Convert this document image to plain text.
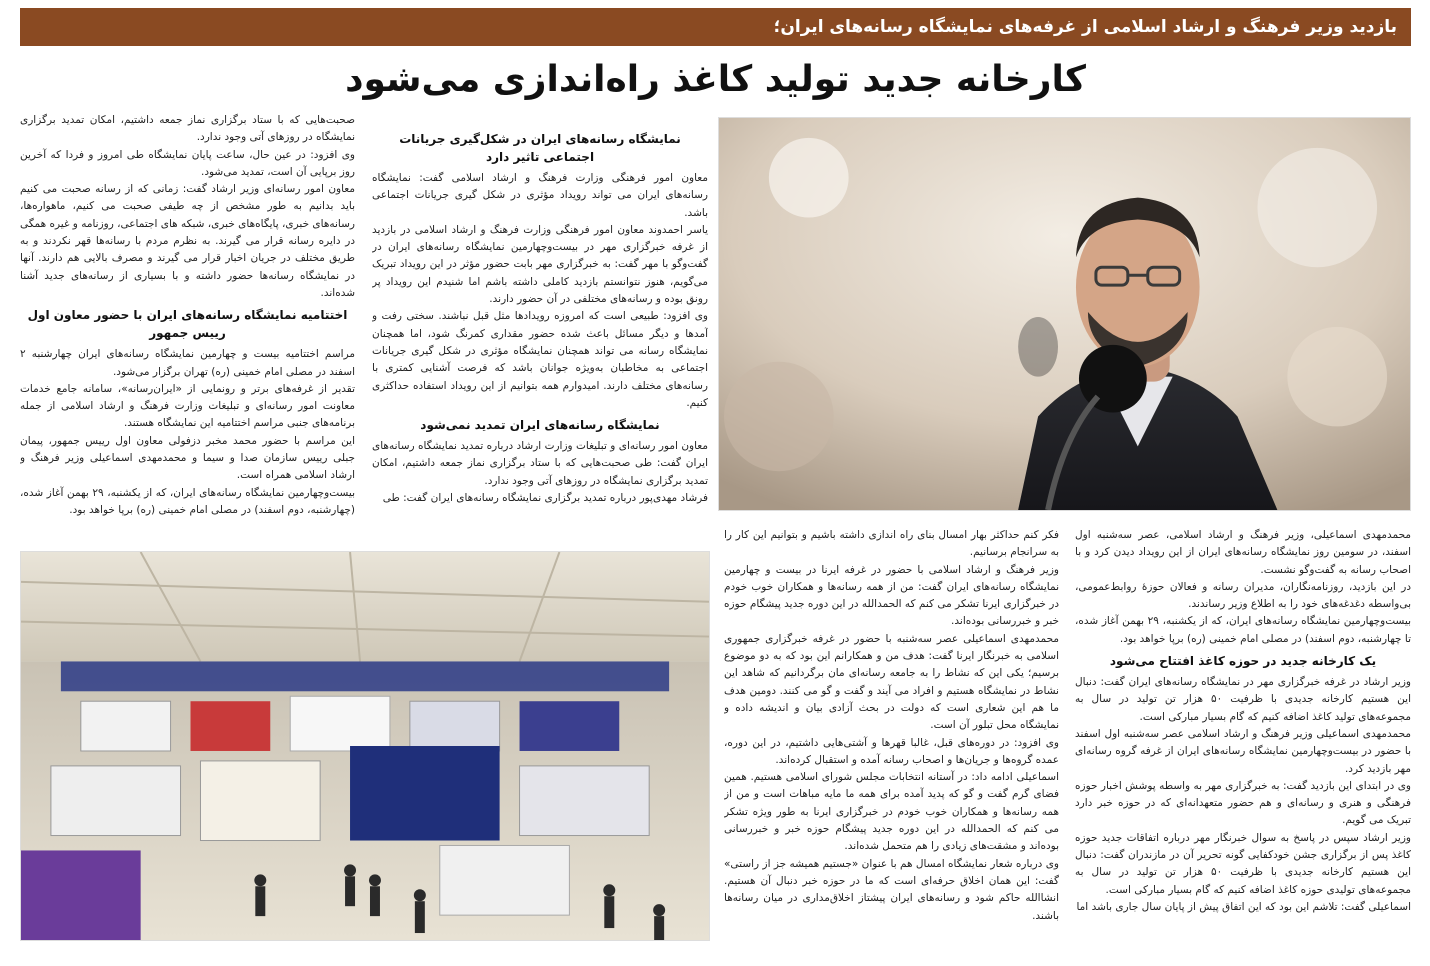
بازدید وزیر فرهنگ و ارشاد اسلامی از غرفه‌های نمایشگاه رسانه‌های ایران؛
کارخانه جدید تولید کاغذ راه‌اندازی می‌شود

صحبت‌هایی که با ستاد برگزاری نماز جمعه داشتیم، امکان تمدید برگزاری نمایشگاه در روزهای آتی وجود ندارد.

وی افزود: در عین حال، ساعت پایان نمایشگاه طی امروز و فردا که آخرین روز برپایی آن است، تمدید می‌شود.

معاون امور رسانه‌ای وزیر ارشاد گفت: زمانی که از رسانه صحبت می کنیم باید بدانیم به طور مشخص از چه طیفی صحبت می کنیم، ماهواره‌ها، رسانه‌های خبری، پایگاه‌های خبری، شبکه های اجتماعی، روزنامه و غیره همگی در دایره رسانه قرار می گیرند. به نظرم مردم با رسانه‌ها قهر نکردند و به طریق مختلف در جریان اخبار قرار می گیرند و مصرف بالایی هم دارند. آنها در نمایشگاه رسانه‌ها حضور داشته و با بسیاری از رسانه‌های جدید آشنا شده‌اند.

اختتامیه نمایشگاه رسانه‌های ایران با حضور معاون اول رییس جمهور

مراسم اختتامیه بیست و چهارمین نمایشگاه رسانه‌های ایران چهارشنبه ۲ اسفند در مصلی امام خمینی (ره) تهران برگزار می‌شود.

تقدیر از غرفه‌های برتر و رونمایی از «ایران‌رسانه»، سامانه جامع خدمات معاونت امور رسانه‌ای و تبلیغات وزارت فرهنگ و ارشاد اسلامی از جمله برنامه‌های جنبی مراسم اختتامیه این نمایشگاه هستند.

این مراسم با حضور محمد مخبر دزفولی معاون اول رییس جمهور، پیمان جبلی رییس سازمان صدا و سیما و محمدمهدی اسماعیلی وزیر فرهنگ و ارشاد اسلامی همراه است.

بیست‌وچهارمین نمایشگاه رسانه‌های ایران، که از یکشنبه، ۲۹ بهمن آغاز شده، (چهارشنبه، دوم اسفند) در مصلی امام خمینی (ره) برپا خواهد بود.

نمایشگاه رسانه‌های ایران در شکل‌گیری جریانات اجتماعی تاثیر دارد

معاون امور فرهنگی وزارت فرهنگ و ارشاد اسلامی گفت: نمایشگاه رسانه‌های ایران می تواند رویداد مؤثری در شکل گیری جریانات اجتماعی باشد.

یاسر احمدوند معاون امور فرهنگی وزارت فرهنگ و ارشاد اسلامی در بازدید از غرفه خبرگزاری مهر در بیست‌وچهارمین نمایشگاه رسانه‌های ایران در گفت‌وگو با مهر گفت: به خبرگزاری مهر بابت حضور مؤثر در این رویداد تبریک می‌گویم، هنوز نتوانستم بازدید کاملی داشته باشم اما شنیدم این رویداد پر رونق بوده و رسانه‌های مختلفی در آن حضور دارند.

وی افزود: طبیعی است که امروزه رویدادها مثل قبل نباشند. سختی رفت و آمدها و دیگر مسائل باعث شده حضور مقداری کمرنگ شود، اما همچنان نمایشگاه رسانه می تواند همچنان نمایشگاه مؤثری در شکل گیری جریانات اجتماعی به مخاطبان به‌ویژه جوانان باشد که فرصت آشنایی کمتری با رسانه‌های مختلف دارند. امیدوارم همه بتوانیم از این رویداد استفاده حداکثری کنیم.

نمایشگاه رسانه‌های ایران تمدید نمی‌شود

معاون امور رسانه‌ای و تبلیغات وزارت ارشاد درباره تمدید نمایشگاه رسانه‌های ایران گفت: طی صحبت‌هایی که با ستاد برگزاری نماز جمعه داشتیم، امکان تمدید برگزاری نمایشگاه در روزهای آتی وجود ندارد.

فرشاد مهدی‌پور درباره تمدید برگزاری نمایشگاه رسانه‌های ایران گفت: طی

فکر کنم حداکثر بهار امسال بنای راه اندازی داشته باشیم و بتوانیم این کار را به سرانجام برسانیم.

وزیر فرهنگ و ارشاد اسلامی با حضور در غرفه ایرنا در بیست و چهارمین نمایشگاه رسانه‌های ایران گفت: من از همه رسانه‌ها و همکاران خوب خودم در خبرگزاری ایرنا تشکر می کنم که الحمدالله در این دوره جدید پیشگام حوزه خبر و خبررسانی بوده‌اند.

محمدمهدی اسماعیلی عصر سه‌شنبه با حضور در غرفه خبرگزاری جمهوری اسلامی به خبرنگار ایرنا گفت: هدف من و همکارانم این بود که به دو موضوع برسیم؛ یکی این که نشاط را به جامعه رسانه‌ای مان برگردانیم که شاهد این نشاط در نمایشگاه هستیم و افراد می آیند و گفت و گو می کنند. دومین هدف ما هم این شعاری است که دولت در بحث آزادی بیان و اندیشه داده و نمایشگاه محل تبلور آن است.

وی افزود: در دوره‌های قبل، غالبا قهرها و آشتی‌هایی داشتیم، در این دوره، عمده گروه‌ها و جریان‌ها و اصحاب رسانه آمده و استقبال کرده‌اند.

اسماعیلی ادامه داد: در آستانه انتخابات مجلس شورای اسلامی هستیم. همین فضای گرم گفت و گو که پدید آمده برای همه ما مایه مباهات است و من از همه رسانه‌ها و همکاران خوب خودم در خبرگزاری ایرنا به طور ویژه تشکر می کنم که الحمدالله در این دوره جدید پیشگام حوزه خبر و خبررسانی بوده‌اند و مشقت‌های زیادی را هم متحمل شده‌اند.

وی درباره شعار نمایشگاه امسال هم با عنوان «جستیم همیشه جز از راستی» گفت: این همان اخلاق حرفه‌ای است که ما در حوزه خبر دنبال آن هستیم. انشاالله حاکم شود و رسانه‌های ایران پیشتاز اخلاق‌مداری در میان رسانه‌ها باشند.

محمدمهدی اسماعیلی، وزیر فرهنگ و ارشاد اسلامی، عصر سه‌شنبه اول اسفند، در سومین روز نمایشگاه رسانه‌های ایران از این رویداد دیدن کرد و با اصحاب رسانه به گفت‌وگو نشست.

در این بازدید، روزنامه‌نگاران، مدیران رسانه و فعالان حوزهٔ روابط‌عمومی، بی‌واسطه دغدغه‌های خود را به اطلاع وزیر رساندند.

بیست‌وچهارمین نمایشگاه رسانه‌های ایران، که از یکشنبه، ۲۹ بهمن آغاز شده، تا چهارشنبه، دوم اسفند) در مصلی امام خمینی (ره) برپا خواهد بود.

یک کارخانه جدید در حوزه کاغذ افتتاح می‌شود

وزیر ارشاد در غرفه خبرگزاری مهر در نمایشگاه رسانه‌های ایران گفت: دنبال این هستیم کارخانه جدیدی با ظرفیت ۵۰ هزار تن تولید در سال به مجموعه‌های تولید کاغذ اضافه کنیم که گام بسیار مبارکی است.

محمدمهدی اسماعیلی وزیر فرهنگ و ارشاد اسلامی عصر سه‌شنبه اول اسفند با حضور در بیست‌وچهارمین نمایشگاه رسانه‌های ایران از غرفه گروه رسانه‌ای مهر بازدید کرد.

وی در ابتدای این بازدید گفت: به خبرگزاری مهر به واسطه پوشش اخبار حوزه فرهنگی و هنری و رسانه‌ای و هم حضور متعهدانه‌ای که در حوزه خبر دارد تبریک می گویم.

وزیر ارشاد سپس در پاسخ به سوال خبرنگار مهر درباره اتفاقات جدید حوزه کاغذ پس از برگزاری جشن خودکفایی گونه تحریر آن در مازندران گفت: دنبال این هستیم کارخانه جدیدی با ظرفیت ۵۰ هزار تن تولید در سال به مجموعه‌های تولیدی حوزه کاغذ اضافه کنیم که گام بسیار مبارکی است.

اسماعیلی گفت: تلاشم این بود که این اتفاق پیش از پایان سال جاری باشد اما
